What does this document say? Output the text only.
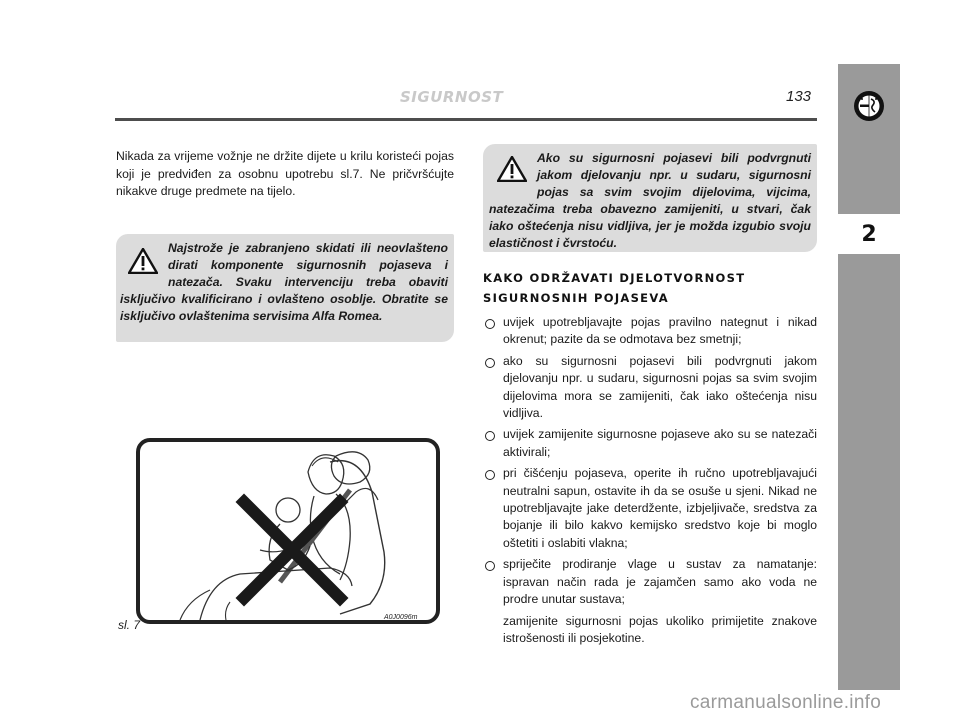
SIGURNOST	133
2
Nikada za vrijeme vožnje ne držite dijete u krilu koristeći pojas koji je predviđen za osobnu upotrebu sl.7. Ne pričvršćujte nikakve druge predmete na tijelo.
Najstrože je zabranjeno skidati ili neovlašteno dirati komponente sigurnosnih pojaseva i natezača. Svaku intervenciju treba obaviti isključivo kvalificirano i ovlašteno osoblje. Obratite se isključivo ovlaštenima servisima Alfa Romea.
Ako su sigurnosni pojasevi bili podvrgnuti jakom djelovanju npr. u sudaru, sigurnosni pojas sa svim svojim dijelovima, vijcima, natezačima treba obavezno zamijeniti, u stvari, čak iako oštećenja nisu vidljiva, jer je možda izgubio svoju elastičnost i čvrstoću.
KAKO ODRŽAVATI DJELOTVORNOST
SIGURNOSNIH POJASEVA
uvijek upotrebljavajte pojas pravilno nategnut i nikad okrenut; pazite da se odmotava bez smetnji;
ako su sigurnosni pojasevi bili podvrgnuti jakom djelovanju npr. u sudaru, sigurnosni pojas sa svim svojim dijelovima mora se zamijeniti, čak iako oštećenja nisu vidljiva.
uvijek zamijenite sigurnosne pojaseve ako su se natezači aktivirali;
pri čišćenju pojaseva, operite ih ručno upotrebljavajući neutralni sapun, ostavite ih da se osuše u sjeni. Nikad ne upotrebljavajte jake deterdžente, izbjeljivače, sredstva za bojanje ili bilo kakvo kemijsko sredstvo koje bi moglo oštetiti i oslabiti vlakna;
spriječite prodiranje vlage u sustav za namatanje: ispravan način rada je zajamčen samo ako voda ne prodre unutar sustava;
zamijenite sigurnosni pojas ukoliko primijetite znakove istrošenosti ili posjekotine.
sl. 7
A0J0096m
carmanualsonline.info
